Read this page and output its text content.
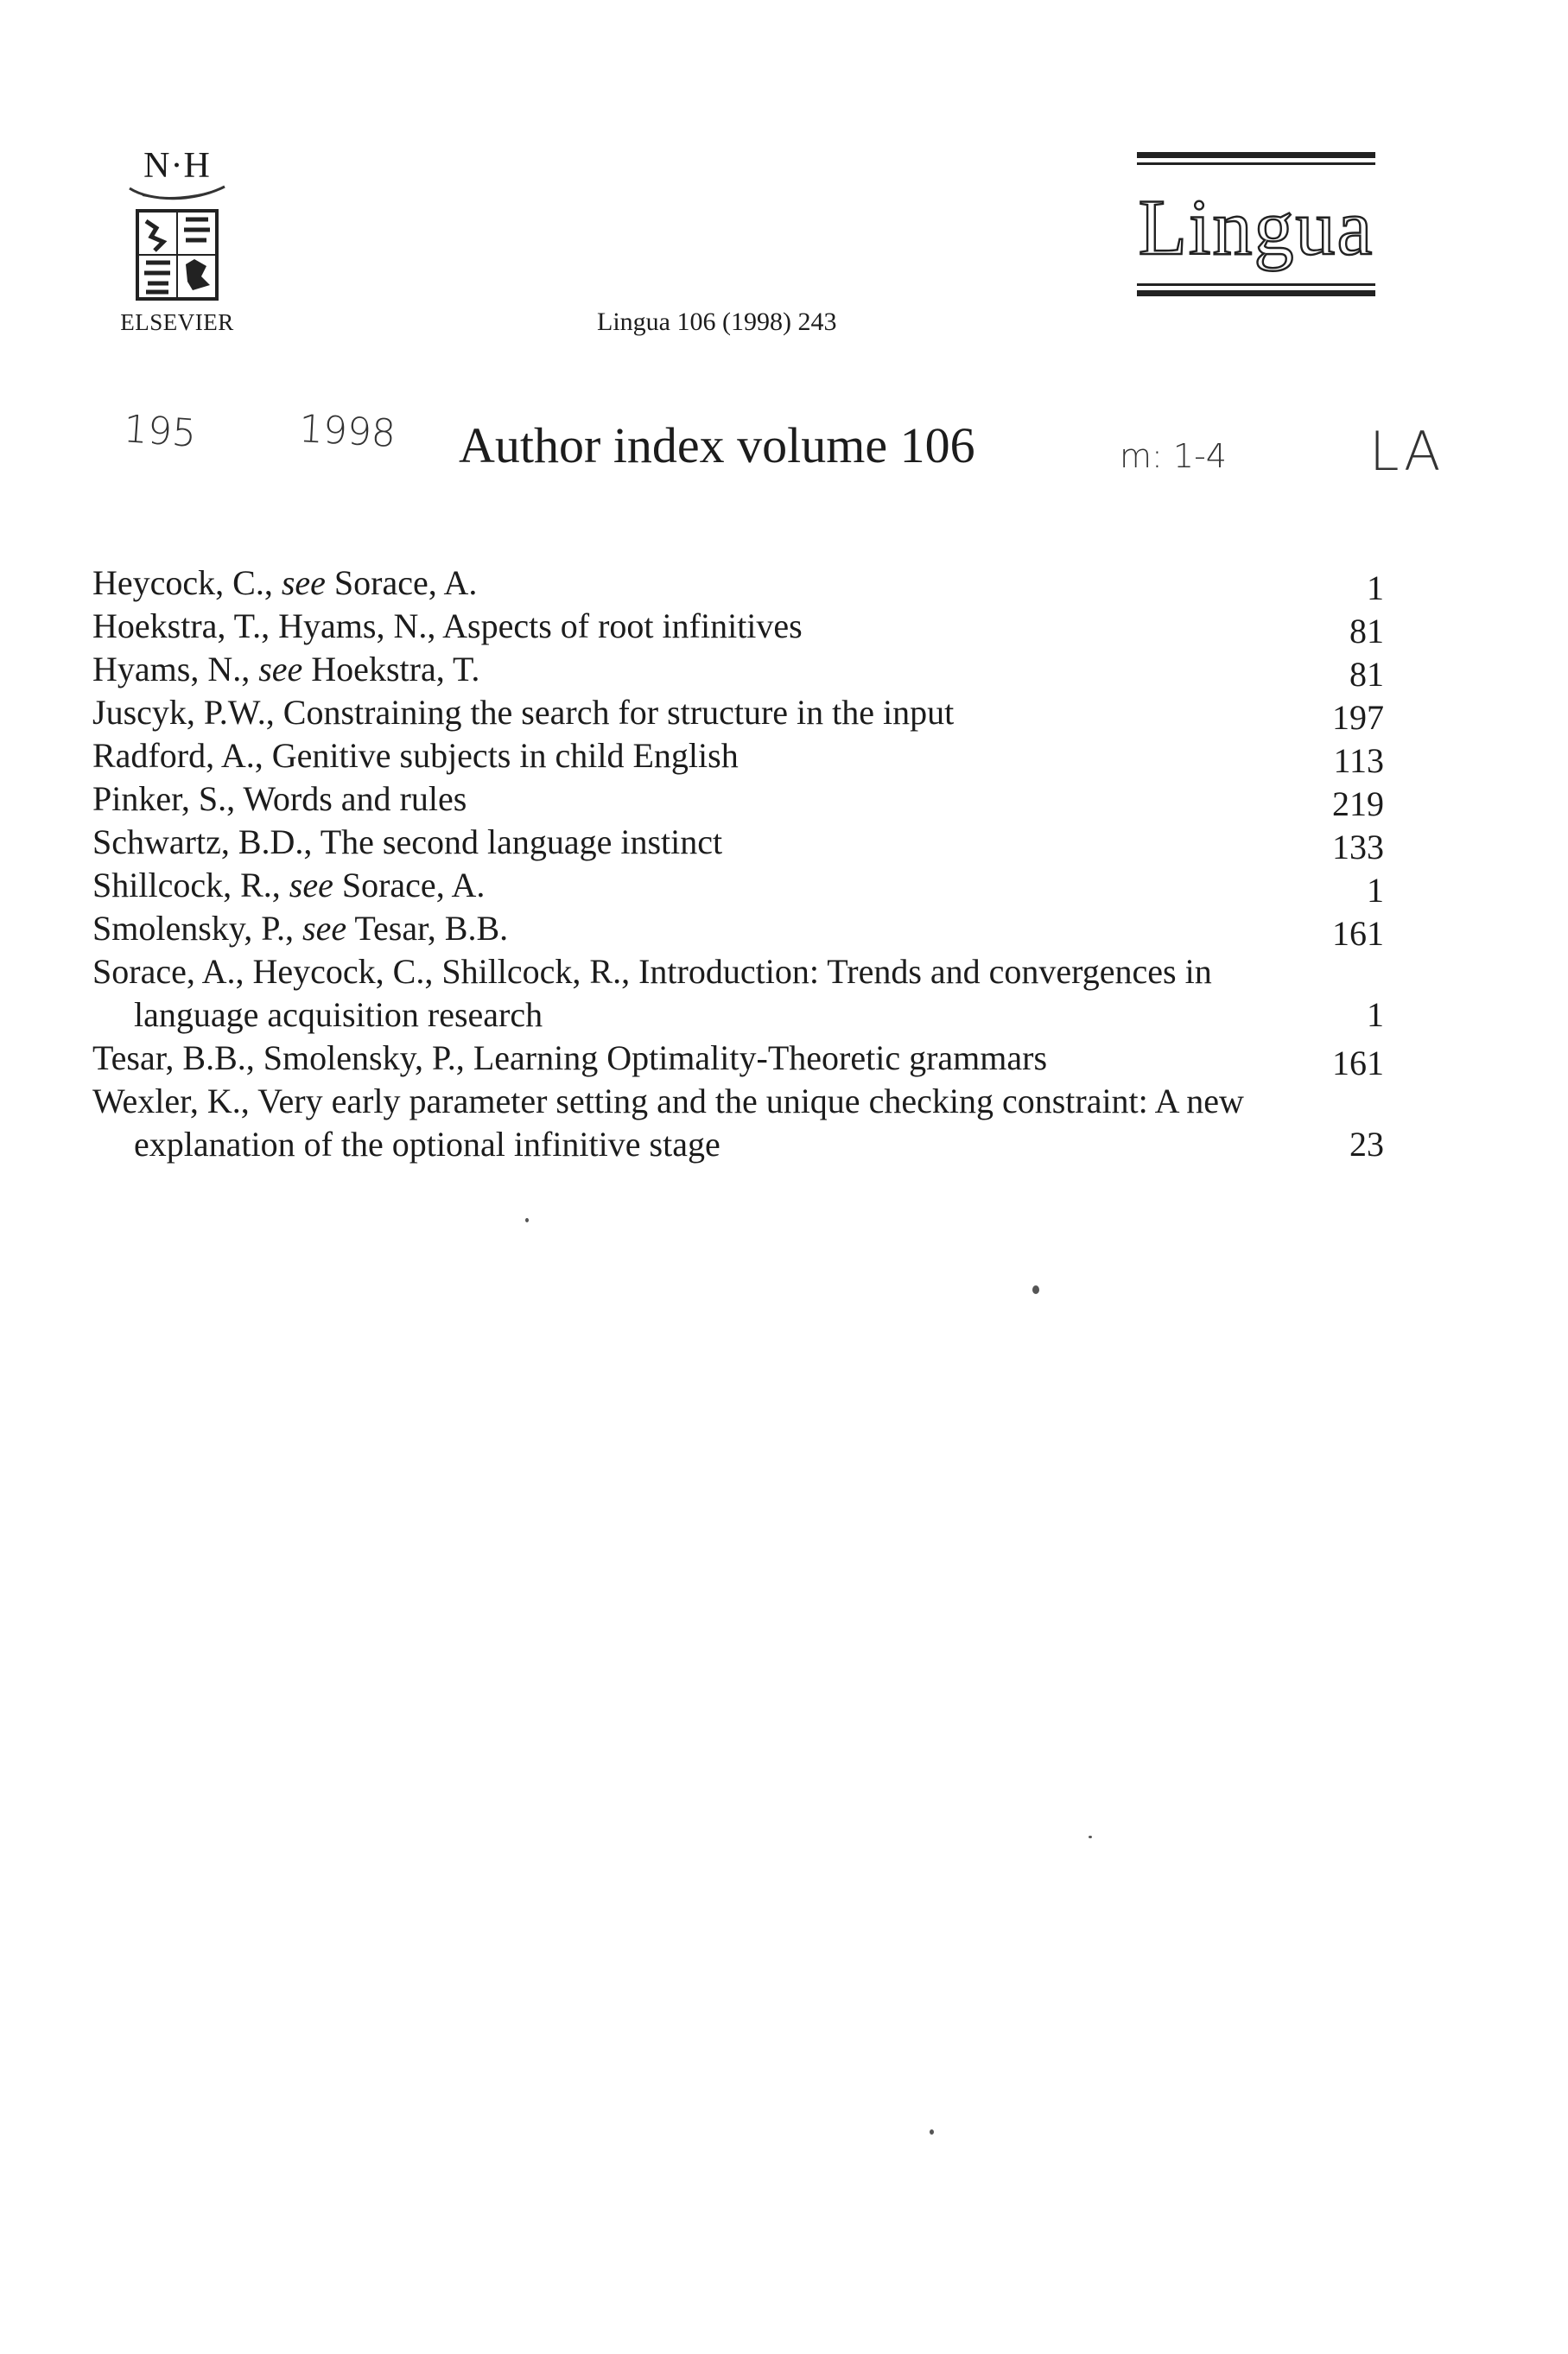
N·H
ELSEVIER	Lingua 106 (1998) 243
Lingua
195	1998
m: 1-4	LA
Author index volume 106
Heycock, C., see Sorace, A.	1
Hoekstra, T., Hyams, N., Aspects of root infinitives	81
Hyams, N., see Hoekstra, T.	81
Juscyk, P.W., Constraining the search for structure in the input	197
Radford, A., Genitive subjects in child English	113
Pinker, S., Words and rules	219
Schwartz, B.D., The second language instinct	133
Shillcock, R., see Sorace, A.	1
Smolensky, P., see Tesar, B.B.	161
Sorace, A., Heycock, C., Shillcock, R., Introduction: Trends and convergences in language acquisition research	1
Tesar, B.B., Smolensky, P., Learning Optimality-Theoretic grammars	161
Wexler, K., Very early parameter setting and the unique checking constraint: A new explanation of the optional infinitive stage	23
